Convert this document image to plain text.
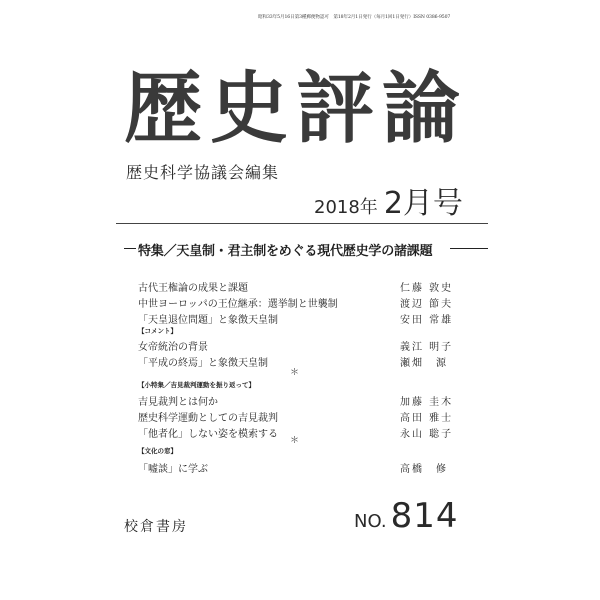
昭和33年5月16日第3種郵便物認可　第18年2月1日発行（毎月1回1日発行）ISSN 0386-9507
歴史評論
歴史科学協議会編集
2018年 2月号
特集／天皇制・君主制をめぐる現代歴史学の諸課題
古代王権論の成果と課題	仁藤 敦史
中世ヨーロッパの王位継承：選挙制と世襲制	渡辺 節夫
「天皇退位問題」と象徴天皇制	安田 常雄
【コメント】
女帝統治の背景	義江 明子
「平成の終焉」と象徴天皇制	瀬畑　源
＊
【小特集／吉見裁判運動を振り返って】
吉見裁判とは何か	加藤 圭木
歴史科学運動としての吉見裁判	高田 雅士
「他者化」しない姿を模索する	永山 聡子
＊
【文化の窓】
「嘘談」に学ぶ	高橋　修
校倉書房	NO. 814
